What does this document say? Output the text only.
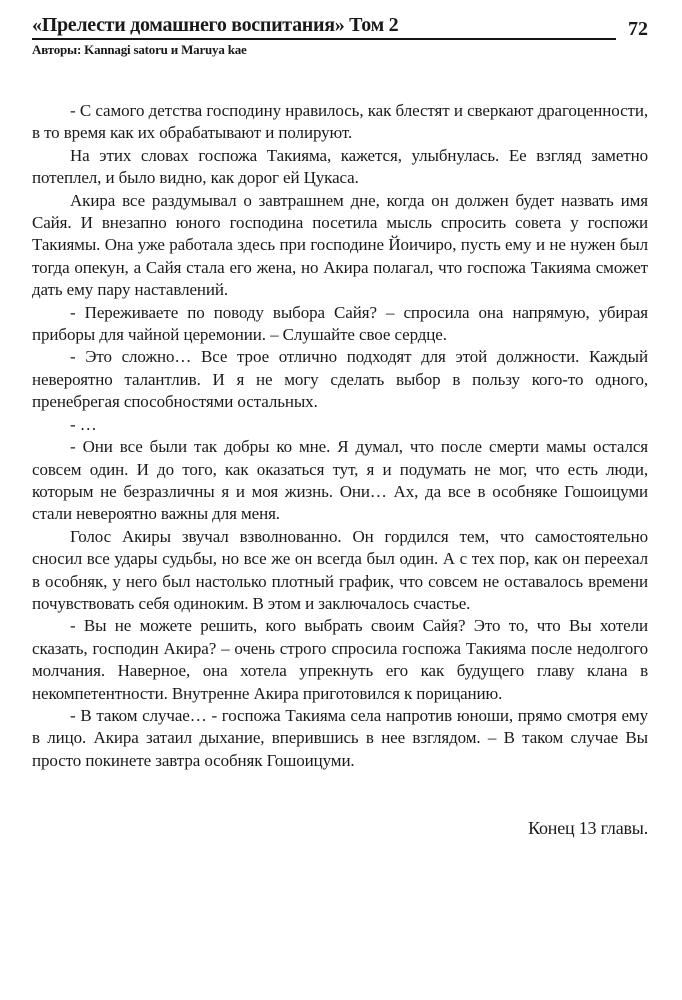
«Прелести домашнего воспитания» Том 2	72
Авторы: Kannagi satoru и Maruya kae

- С самого детства господину нравилось, как блестят и сверкают драгоценности, в то время как их обрабатывают и полируют.

На этих словах госпожа Такияма, кажется, улыбнулась. Ее взгляд заметно потеплел, и было видно, как дорог ей Цукаса.

Акира все раздумывал о завтрашнем дне, когда он должен будет назвать имя Сайя. И внезапно юного господина посетила мысль спросить совета у госпожи Такиямы. Она уже работала здесь при господине Йоичиро, пусть ему и не нужен был тогда опекун, а Сайя стала его жена, но Акира полагал, что госпожа Такияма сможет дать ему пару наставлений.

- Переживаете по поводу выбора Сайя? – спросила она напрямую, убирая приборы для чайной церемонии. – Слушайте свое сердце.

- Это сложно… Все трое отлично подходят для этой должности. Каждый невероятно талантлив. И я не могу сделать выбор в пользу кого-то одного, пренебрегая способностями остальных.

- …

- Они все были так добры ко мне. Я думал, что после смерти мамы остался совсем один. И до того, как оказаться тут, я и подумать не мог, что есть люди, которым не безразличны я и моя жизнь. Они… Ах, да все в особняке Гошоицуми стали невероятно важны для меня.

Голос Акиры звучал взволнованно. Он гордился тем, что самостоятельно сносил все удары судьбы, но все же он всегда был один. А с тех пор, как он переехал в особняк, у него был настолько плотный график, что совсем не оставалось времени почувствовать себя одиноким. В этом и заключалось счастье.

- Вы не можете решить, кого выбрать своим Сайя? Это то, что Вы хотели сказать, господин Акира? – очень строго спросила госпожа Такияма после недолгого молчания. Наверное, она хотела упрекнуть его как будущего главу клана в некомпетентности. Внутренне Акира приготовился к порицанию.

- В таком случае… - госпожа Такияма села напротив юноши, прямо смотря ему в лицо. Акира затаил дыхание, вперившись в нее взглядом. – В таком случае Вы просто покинете завтра особняк Гошоицуми.

Конец 13 главы.
